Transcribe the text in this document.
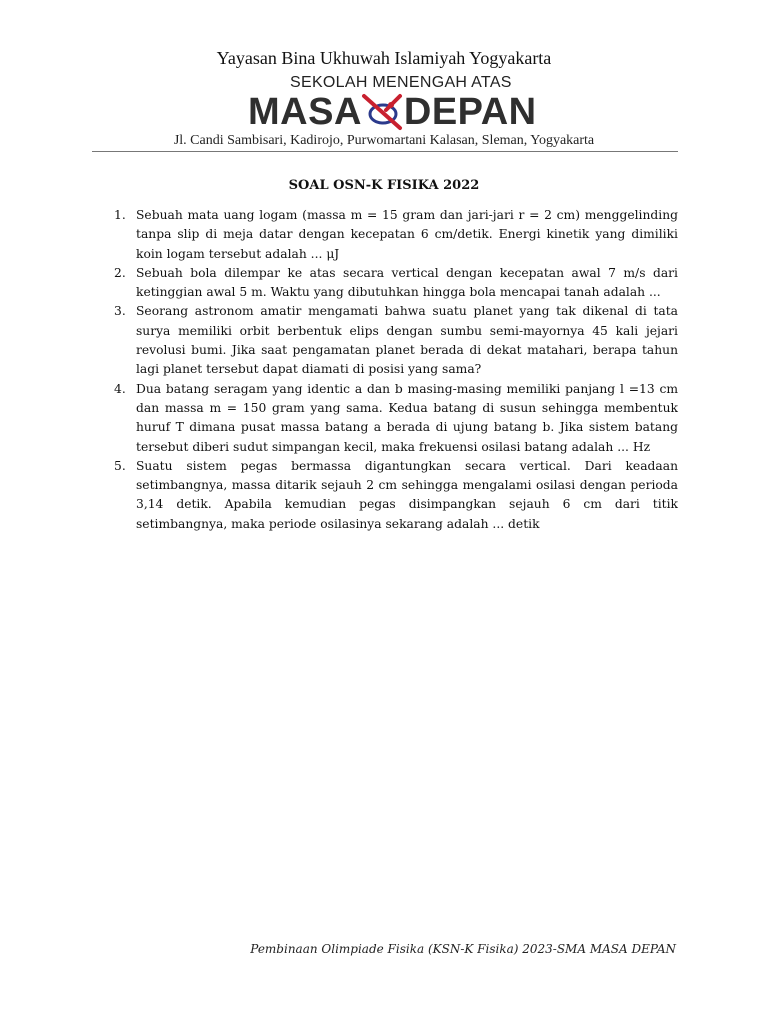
Yayasan Bina Ukhuwah Islamiyah Yogyakarta
SEKOLAH MENENGAH ATAS
MASA DEPAN
Jl. Candi Sambisari, Kadirojo, Purwomartani Kalasan, Sleman, Yogyakarta
SOAL OSN-K FISIKA 2022
1. Sebuah mata uang logam (massa m = 15 gram dan jari-jari r = 2 cm) menggelinding tanpa slip di meja datar dengan kecepatan 6 cm/detik. Energi kinetik yang dimiliki koin logam tersebut adalah ... μJ
2. Sebuah bola dilempar ke atas secara vertical dengan kecepatan awal 7 m/s dari ketinggian awal 5 m. Waktu yang dibutuhkan hingga bola mencapai tanah adalah ...
3. Seorang astronom amatir mengamati bahwa suatu planet yang tak dikenal di tata surya memiliki orbit berbentuk elips dengan sumbu semi-mayornya 45 kali jejari revolusi bumi. Jika saat pengamatan planet berada di dekat matahari, berapa tahun lagi planet tersebut dapat diamati di posisi yang sama?
4. Dua batang seragam yang identic a dan b masing-masing memiliki panjang l =13 cm dan massa m = 150 gram yang sama. Kedua batang di susun sehingga membentuk huruf T dimana pusat massa batang a berada di ujung batang b. Jika sistem batang tersebut diberi sudut simpangan kecil, maka frekuensi osilasi batang adalah ... Hz
5. Suatu sistem pegas bermassa digantungkan secara vertical. Dari keadaan setimbangnya, massa ditarik sejauh 2 cm sehingga mengalami osilasi dengan perioda 3,14 detik. Apabila kemudian pegas disimpangkan sejauh 6 cm dari titik setimbangnya, maka periode osilasinya sekarang adalah ... detik
Pembinaan Olimpiade Fisika (KSN-K Fisika) 2023-SMA MASA DEPAN
